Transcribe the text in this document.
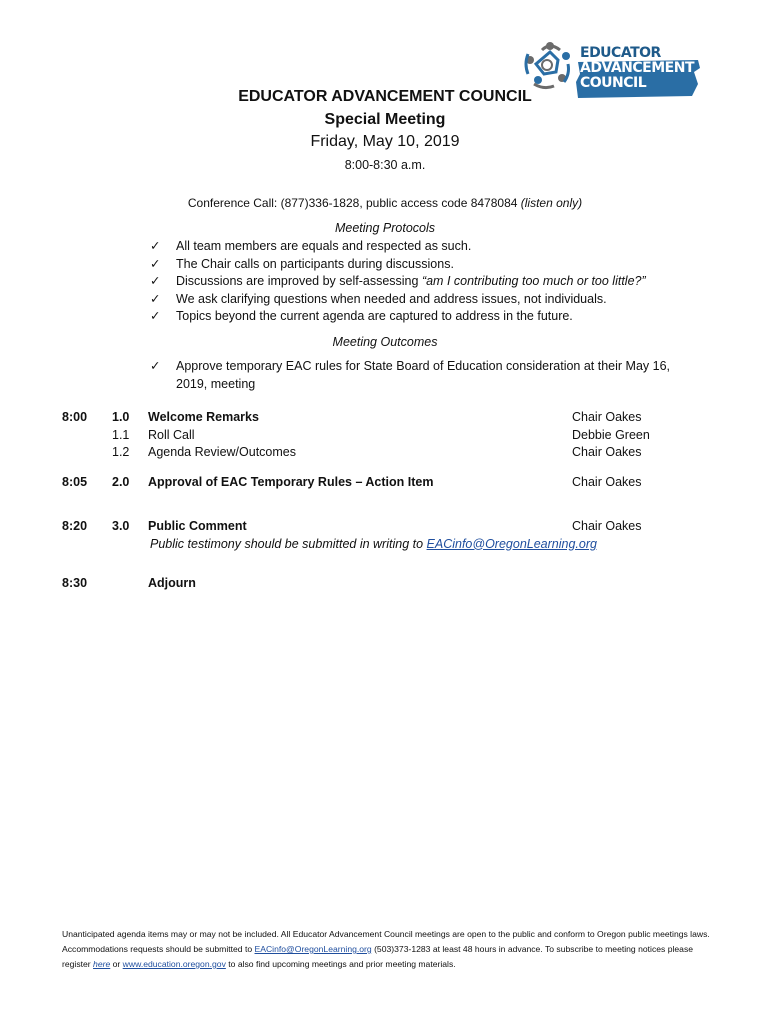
EDUCATOR
ADVANCEMENT
COUNCIL
EDUCATOR ADVANCEMENT COUNCIL
Special Meeting
Friday, May 10, 2019
8:00-8:30 a.m.
Conference Call: (877)336-1828, public access code 8478084 (listen only)
Meeting Protocols
✓	All team members are equals and respected as such.
✓	The Chair calls on participants during discussions.
✓	Discussions are improved by self-assessing “am I contributing too much or too little?”
✓	We ask clarifying questions when needed and address issues, not individuals.
✓	Topics beyond the current agenda are captured to address in the future.
Meeting Outcomes
✓	Approve temporary EAC rules for State Board of Education consideration at their May 16, 2019, meeting
8:00 1.0 Welcome Remarks	Chair Oakes
1.1 Roll Call	Debbie Green
1.2 Agenda Review/Outcomes	Chair Oakes
8:05 2.0 Approval of EAC Temporary Rules – Action Item	Chair Oakes
8:20 3.0 Public Comment	Chair Oakes
Public testimony should be submitted in writing to EACinfo@OregonLearning.org
8:30	Adjourn
Unanticipated agenda items may or may not be included. All Educator Advancement Council meetings are open to the public and conform to Oregon public meetings laws. Accommodations requests should be submitted to EACinfo@OregonLearning.org (503)373-1283 at least 48 hours in advance. To subscribe to meeting notices please register here or www.education.oregon.gov to also find upcoming meetings and prior meeting materials.
